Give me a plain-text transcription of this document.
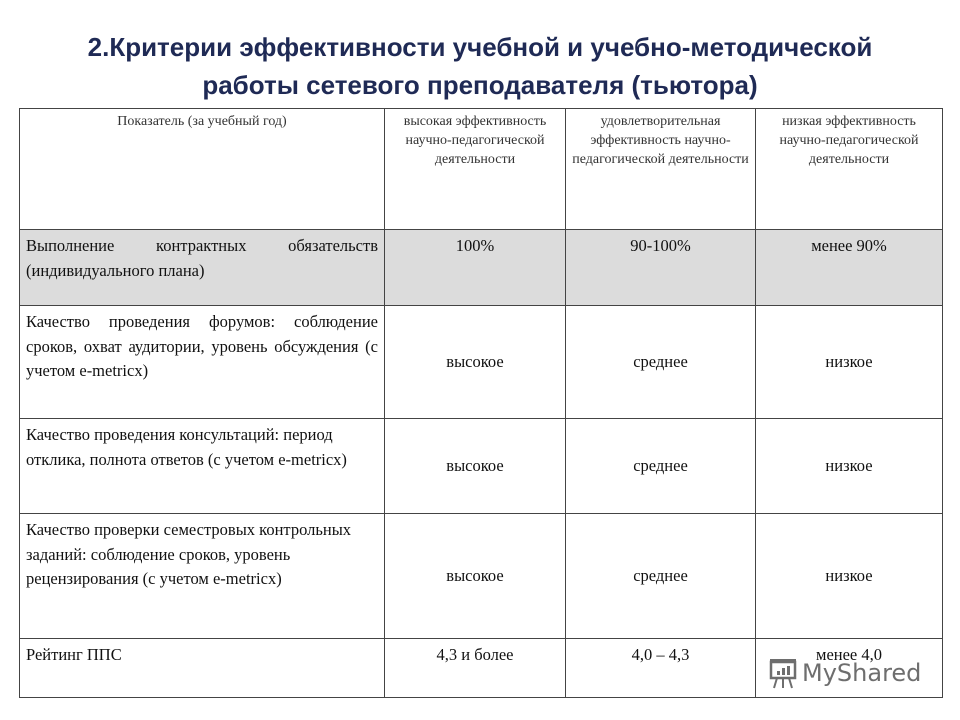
2.Критерии эффективности учебной и учебно-методической
работы сетевого преподавателя (тьютора)
Показатель (за учебный год)	высокая эффективность научно-педагогической деятельности	удовлетворительная эффективность научно-педагогической деятельности	низкая эффективность научно-педагогической деятельности
Выполнение контрактных обязательств (индивидуального плана)	100%	90-100%	менее 90%
Качество проведения форумов: соблюдение сроков, охват аудитории, уровень обсуждения (с учетом e-metricx)	высокое	среднее	низкое
Качество проведения консультаций: период отклика, полнота ответов (с учетом e-metricx)	высокое	среднее	низкое
Качество проверки семестровых контрольных заданий: соблюдение сроков, уровень рецензирования (с учетом e-metricx)	высокое	среднее	низкое
Рейтинг ППС	4,3 и более	4,0 – 4,3	менее 4,0
MyShared
